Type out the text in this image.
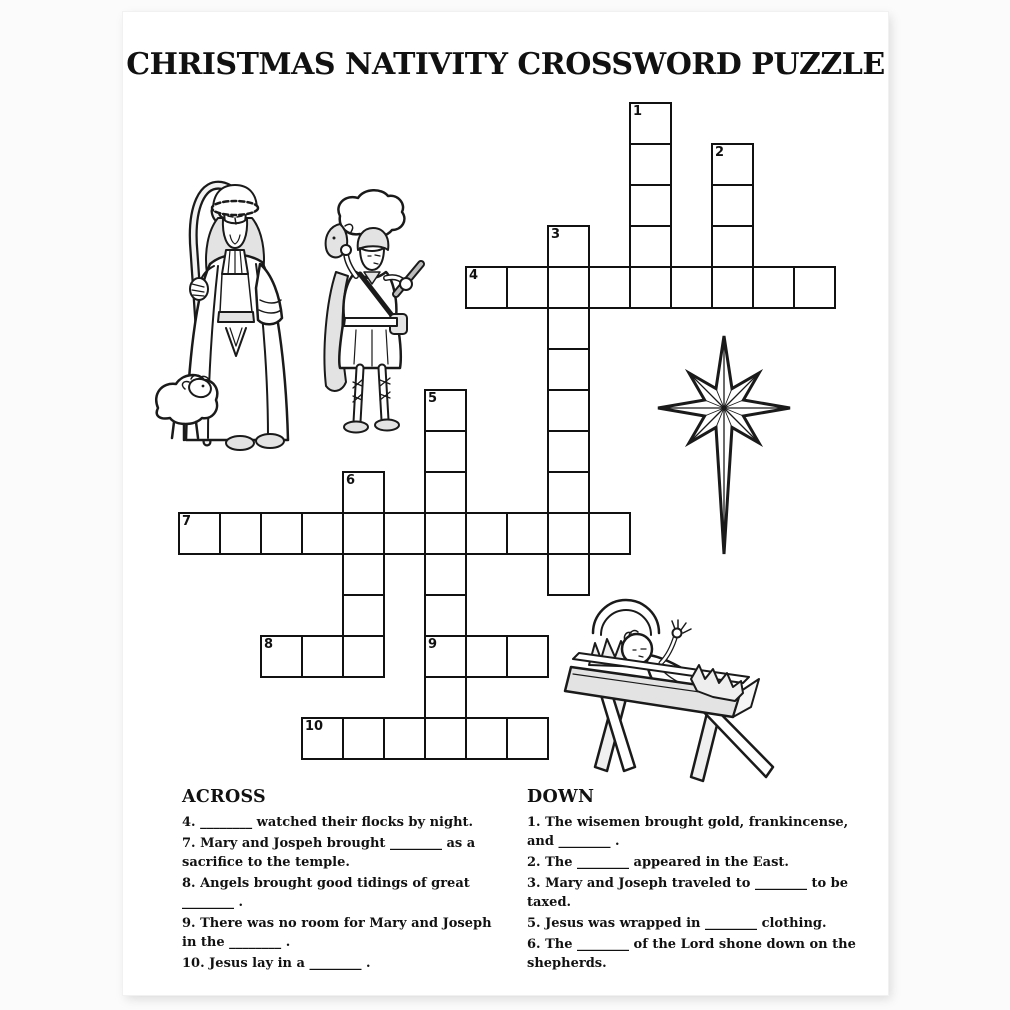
CHRISTMAS NATIVITY CROSSWORD PUZZLE
1
2
3
4
5
9
6
7
8
10
ACROSS
4. ________ watched their flocks by night.
7. Mary and Jospeh brought ________ as a sacrifice to the temple.
8. Angels brought good tidings of great ________ .
9. There was no room for Mary and Joseph in the ________ .
10. Jesus lay in a ________ .
DOWN
1. The wisemen brought gold, frankincense, and ________ .
2. The ________ appeared in the East.
3. Mary and Joseph traveled to ________ to be taxed.
5. Jesus was wrapped in ________ clothing.
6. The ________ of the Lord shone down on the shepherds.
